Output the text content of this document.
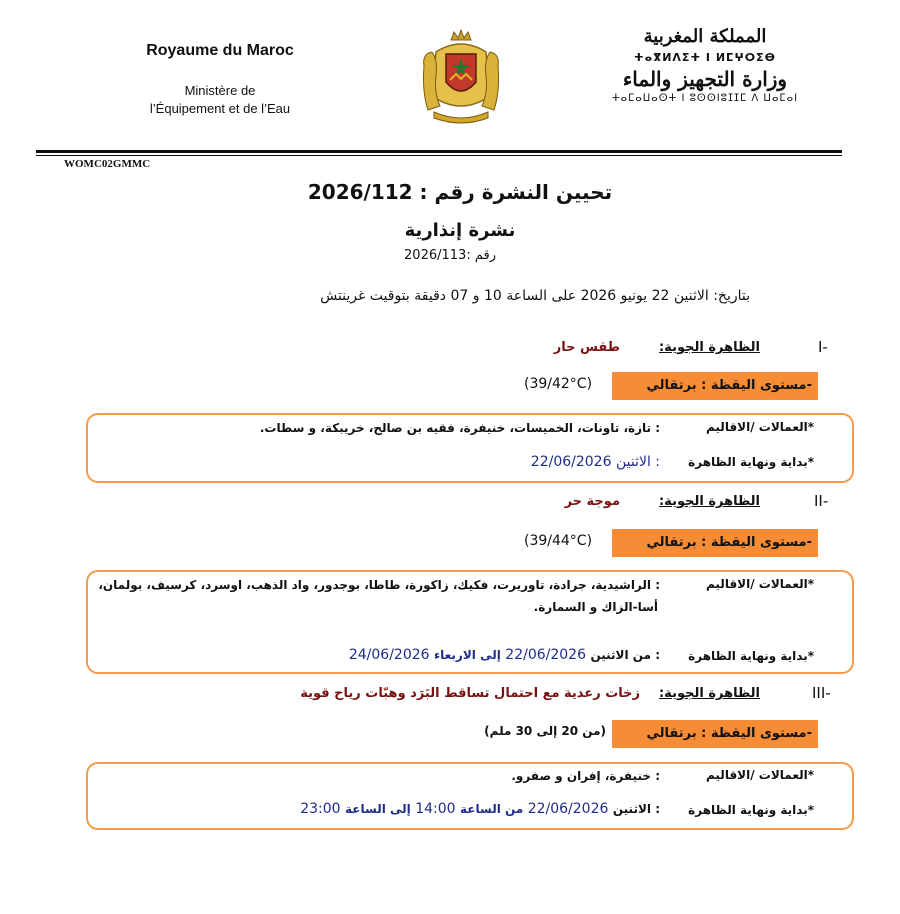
Royaume du Maroc
Ministère de
l’Équipement et de l’Eau
المملكة المغربية
ⵜⴰⴳⵍⴷⵉⵜ ⵏ ⵍⵎⵖⵔⵉⴱ
وزارة التجهيز والماء
ⵜⴰⵎⴰⵡⴰⵙⵜ ⵏ ⵓⵙⵙⵏⵓⵊⵊⵎ ⴷ ⵡⴰⵎⴰⵏ
WOMC02GMMC
تحيين النشرة رقم : 2026/112
نشرة إنذارية
رقم :2026/113
بتاريخ: الاثنين 22 يونيو 2026 على الساعة 10 و 07 دقيقة بتوقيت غرينتش
I-
الظاهرة الجوية:
طقس حار
-مستوى اليقظة : برتقالي
(39/42°C)
*العمالات /الاقاليم
: تازة، تاونات، الخميسات، خنيفرة، فقيه بن صالح، خريبكة، و سطات.
*بداية ونهاية الظاهرة
: الاثنين 22/06/2026
II-
الظاهرة الجوية:
موجة حر
-مستوى اليقظة : برتقالي
(39/44°C)
*العمالات /الاقاليم
: الراشيدية، جرادة، تاوريرت، فكيك، زاكورة، طاطا، بوجدور، واد الذهب، اوسرد، كرسيف، بولمان،
أسا-الزاك و السمارة.
*بداية ونهاية الظاهرة
: من الاثنين 22/06/2026 إلى الاربعاء 24/06/2026
III-
الظاهرة الجوية:
زخات رعدية مع احتمال تساقط البَرَد وهبّات رياح قوية
-مستوى اليقظة : برتقالي
(من 20 إلى 30 ملم)
*العمالات /الاقاليم
: خنيفرة، إفران و صفرو.
*بداية ونهاية الظاهرة
: الاثنين 22/06/2026 من الساعة 14:00 إلى الساعة 23:00
